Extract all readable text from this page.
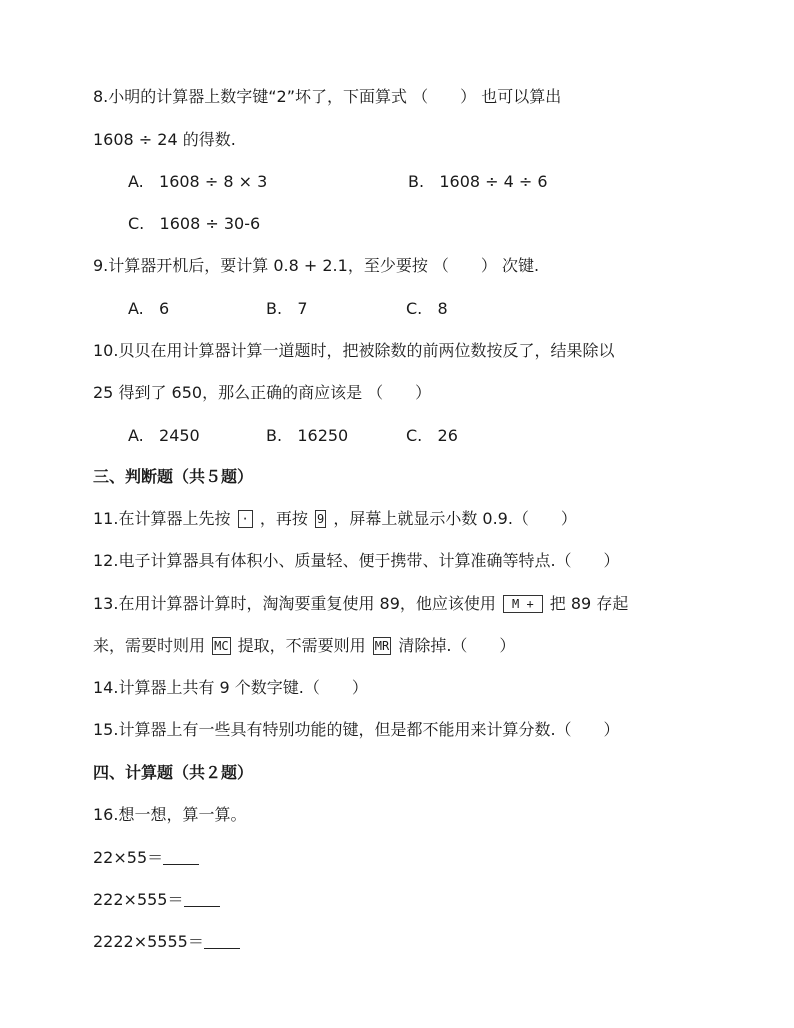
8.小明的计算器上数字键“2”坏了，下面算式 （　　） 也可以算出
1608 ÷ 24 的得数.
A. 1608 ÷ 8 × 3	B. 1608 ÷ 4 ÷ 6
C. 1608 ÷ 30-6
9.计算器开机后，要计算 0.8 + 2.1，至少要按 （　　） 次键.
A. 6	B. 7	C. 8
10.贝贝在用计算器计算一道题时，把被除数的前两位数按反了，结果除以
25 得到了 650，那么正确的商应该是 （　　）
A. 2450	B. 16250	C. 26
三、判断题（共５题）
11.在计算器上先按 · ，再按 9 ，屏幕上就显示小数 0.9.（　　）
12.电子计算器具有体积小、质量轻、便于携带、计算准确等特点.（　　）
13.在用计算器计算时，淘淘要重复使用 89，他应该使用 M + 把 89 存起
来，需要时则用 MC 提取，不需要则用 MR 清除掉.（　　）
14.计算器上共有 9 个数字键.（　　）
15.计算器上有一些具有特别功能的键，但是都不能用来计算分数.（　　）
四、计算题（共２题）
16.想一想，算一算。
22×55＝
222×555＝
2222×5555＝
